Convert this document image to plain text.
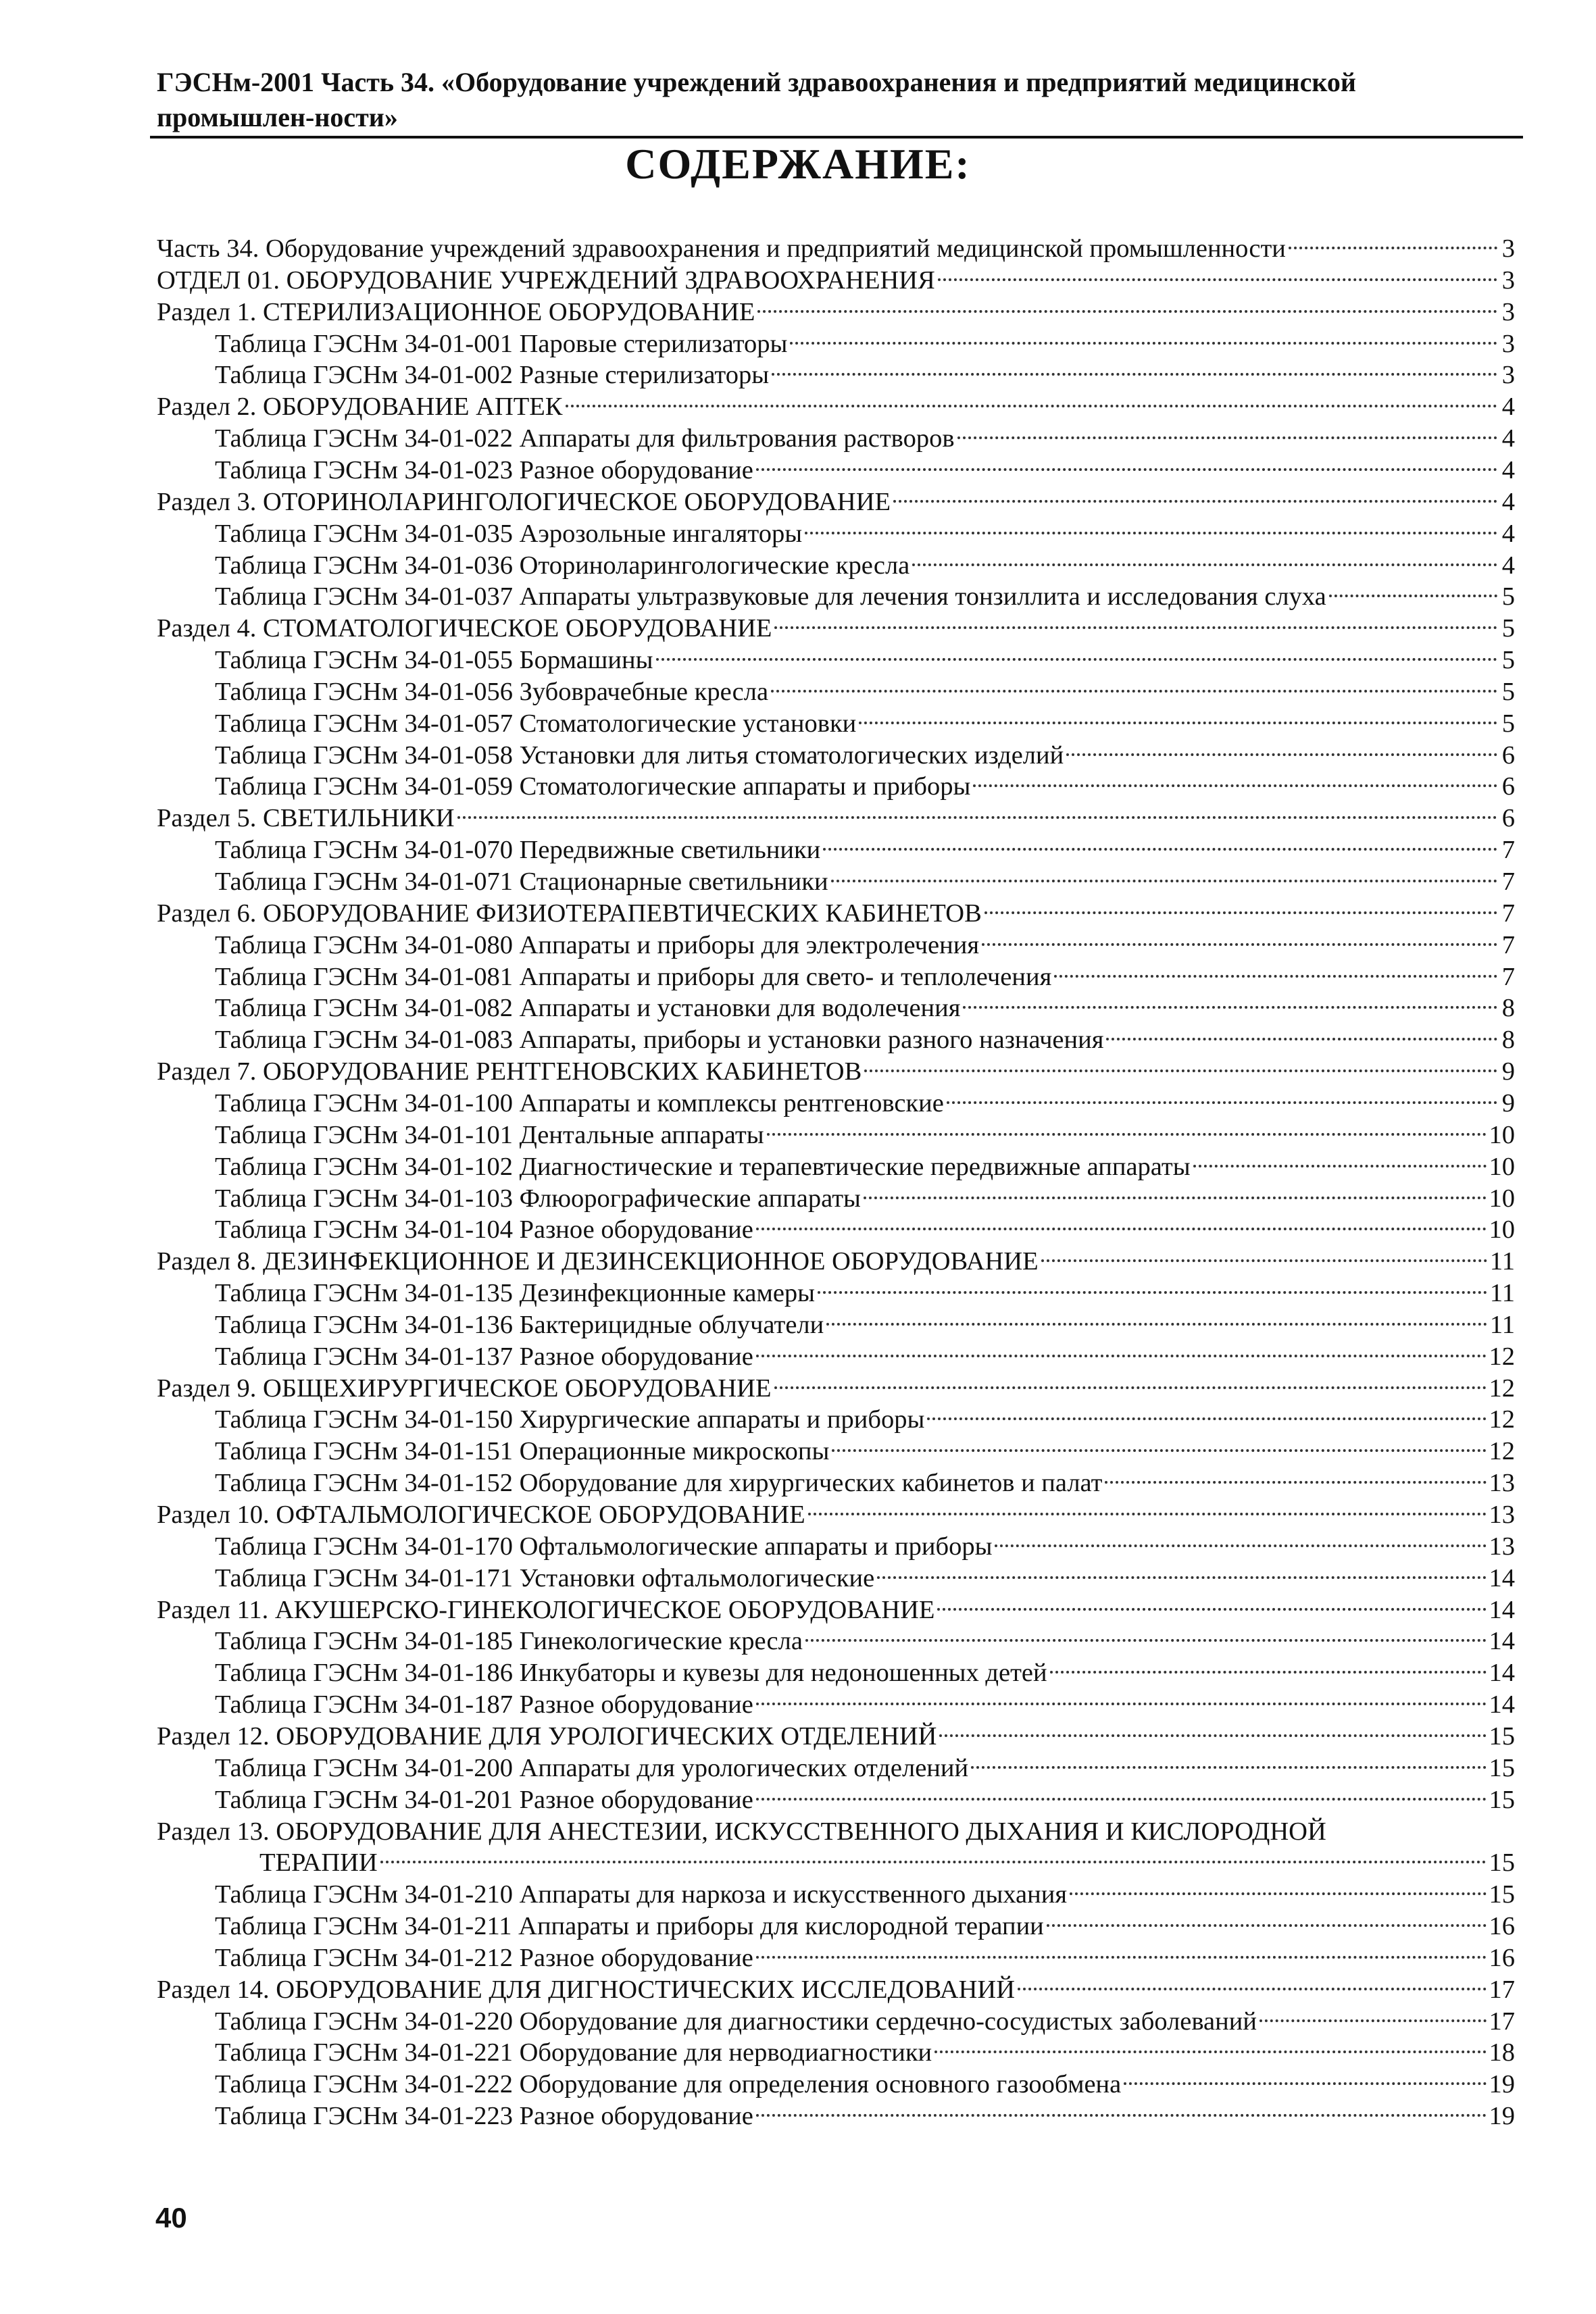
ГЭСНм-2001 Часть 34. «Оборудование учреждений здравоохранения и предприятий медицинской промышлен-ности»
СОДЕРЖАНИЕ:
Часть 34. Оборудование учреждений здравоохранения и предприятий медицинской промышленности	3
ОТДЕЛ 01. ОБОРУДОВАНИЕ УЧРЕЖДЕНИЙ ЗДРАВООХРАНЕНИЯ	3
Раздел 1. СТЕРИЛИЗАЦИОННОЕ ОБОРУДОВАНИЕ	3
Таблица ГЭСНм 34-01-001 Паровые стерилизаторы	3
Таблица ГЭСНм 34-01-002 Разные стерилизаторы	3
Раздел 2. ОБОРУДОВАНИЕ АПТЕК	4
Таблица ГЭСНм 34-01-022 Аппараты для фильтрования растворов	4
Таблица ГЭСНм 34-01-023 Разное оборудование	4
Раздел 3. ОТОРИНОЛАРИНГОЛОГИЧЕСКОЕ ОБОРУДОВАНИЕ	4
Таблица ГЭСНм 34-01-035 Аэрозольные ингаляторы	4
Таблица ГЭСНм 34-01-036 Оториноларингологические кресла	4
Таблица ГЭСНм 34-01-037 Аппараты ультразвуковые для лечения тонзиллита и исследования слуха	5
Раздел 4. СТОМАТОЛОГИЧЕСКОЕ ОБОРУДОВАНИЕ	5
Таблица ГЭСНм 34-01-055 Бормашины	5
Таблица ГЭСНм 34-01-056 Зубоврачебные кресла	5
Таблица ГЭСНм 34-01-057 Стоматологические установки	5
Таблица ГЭСНм 34-01-058 Установки для литья стоматологических изделий	6
Таблица ГЭСНм 34-01-059 Стоматологические аппараты и приборы	6
Раздел 5. СВЕТИЛЬНИКИ	6
Таблица ГЭСНм 34-01-070 Передвижные светильники	7
Таблица ГЭСНм 34-01-071 Стационарные светильники	7
Раздел 6. ОБОРУДОВАНИЕ ФИЗИОТЕРАПЕВТИЧЕСКИХ КАБИНЕТОВ	7
Таблица ГЭСНм 34-01-080 Аппараты и приборы для электролечения	7
Таблица ГЭСНм 34-01-081 Аппараты и приборы для свето- и теплолечения	7
Таблица ГЭСНм 34-01-082 Аппараты и установки для водолечения	8
Таблица ГЭСНм 34-01-083 Аппараты, приборы и установки разного назначения	8
Раздел 7. ОБОРУДОВАНИЕ РЕНТГЕНОВСКИХ КАБИНЕТОВ	9
Таблица ГЭСНм 34-01-100 Аппараты и комплексы рентгеновские	9
Таблица ГЭСНм 34-01-101 Дентальные аппараты	10
Таблица ГЭСНм 34-01-102 Диагностические и терапевтические передвижные аппараты	10
Таблица ГЭСНм 34-01-103 Флюорографические аппараты	10
Таблица ГЭСНм 34-01-104 Разное оборудование	10
Раздел 8. ДЕЗИНФЕКЦИОННОЕ И ДЕЗИНСЕКЦИОННОЕ ОБОРУДОВАНИЕ	11
Таблица ГЭСНм 34-01-135 Дезинфекционные камеры	11
Таблица ГЭСНм 34-01-136 Бактерицидные облучатели	11
Таблица ГЭСНм 34-01-137 Разное оборудование	12
Раздел 9. ОБЩЕХИРУРГИЧЕСКОЕ ОБОРУДОВАНИЕ	12
Таблица ГЭСНм 34-01-150 Хирургические аппараты и приборы	12
Таблица ГЭСНм 34-01-151 Операционные микроскопы	12
Таблица ГЭСНм 34-01-152 Оборудование для хирургических кабинетов и палат	13
Раздел 10. ОФТАЛЬМОЛОГИЧЕСКОЕ ОБОРУДОВАНИЕ	13
Таблица ГЭСНм 34-01-170 Офтальмологические аппараты и приборы	13
Таблица ГЭСНм 34-01-171 Установки офтальмологические	14
Раздел 11. АКУШЕРСКО-ГИНЕКОЛОГИЧЕСКОЕ ОБОРУДОВАНИЕ	14
Таблица ГЭСНм 34-01-185 Гинекологические кресла	14
Таблица ГЭСНм 34-01-186 Инкубаторы и кувезы для недоношенных детей	14
Таблица ГЭСНм 34-01-187 Разное оборудование	14
Раздел 12. ОБОРУДОВАНИЕ ДЛЯ УРОЛОГИЧЕСКИХ ОТДЕЛЕНИЙ	15
Таблица ГЭСНм 34-01-200 Аппараты для урологических отделений	15
Таблица ГЭСНм 34-01-201 Разное оборудование	15
Раздел 13. ОБОРУДОВАНИЕ ДЛЯ АНЕСТЕЗИИ, ИСКУССТВЕННОГО ДЫХАНИЯ И КИСЛОРОДНОЙ
ТЕРАПИИ	15
Таблица ГЭСНм 34-01-210 Аппараты для наркоза и искусственного дыхания	15
Таблица ГЭСНм 34-01-211 Аппараты и приборы для кислородной терапии	16
Таблица ГЭСНм 34-01-212 Разное оборудование	16
Раздел 14. ОБОРУДОВАНИЕ ДЛЯ ДИГНОСТИЧЕСКИХ ИССЛЕДОВАНИЙ	17
Таблица ГЭСНм 34-01-220 Оборудование для диагностики сердечно-сосудистых заболеваний	17
Таблица ГЭСНм 34-01-221 Оборудование для нерводиагностики	18
Таблица ГЭСНм 34-01-222 Оборудование для определения основного газообмена	19
Таблица ГЭСНм 34-01-223 Разное оборудование	19
40
